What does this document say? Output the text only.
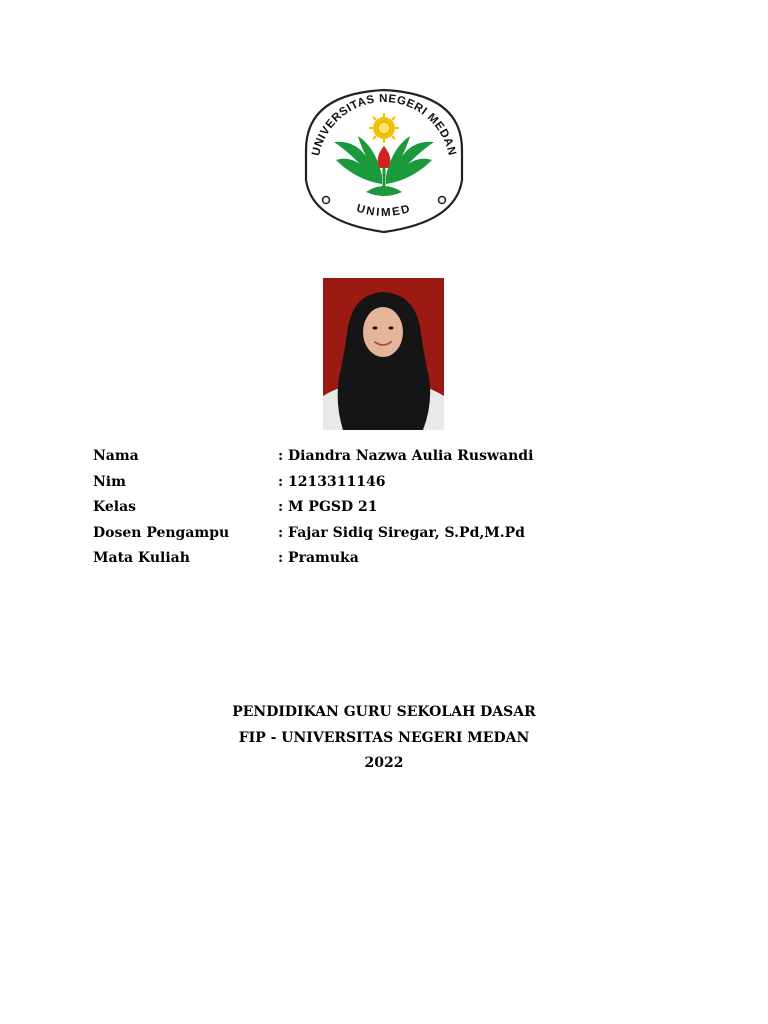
UNIVERSITAS NEGERI MEDAN
UNIMED
Nama	: Diandra Nazwa Aulia Ruswandi
Nim	: 1213311146
Kelas	: M PGSD 21
Dosen Pengampu	: Fajar Sidiq Siregar, S.Pd,M.Pd
Mata Kuliah	: Pramuka
PENDIDIKAN GURU SEKOLAH DASAR
FIP - UNIVERSITAS NEGERI MEDAN
2022
